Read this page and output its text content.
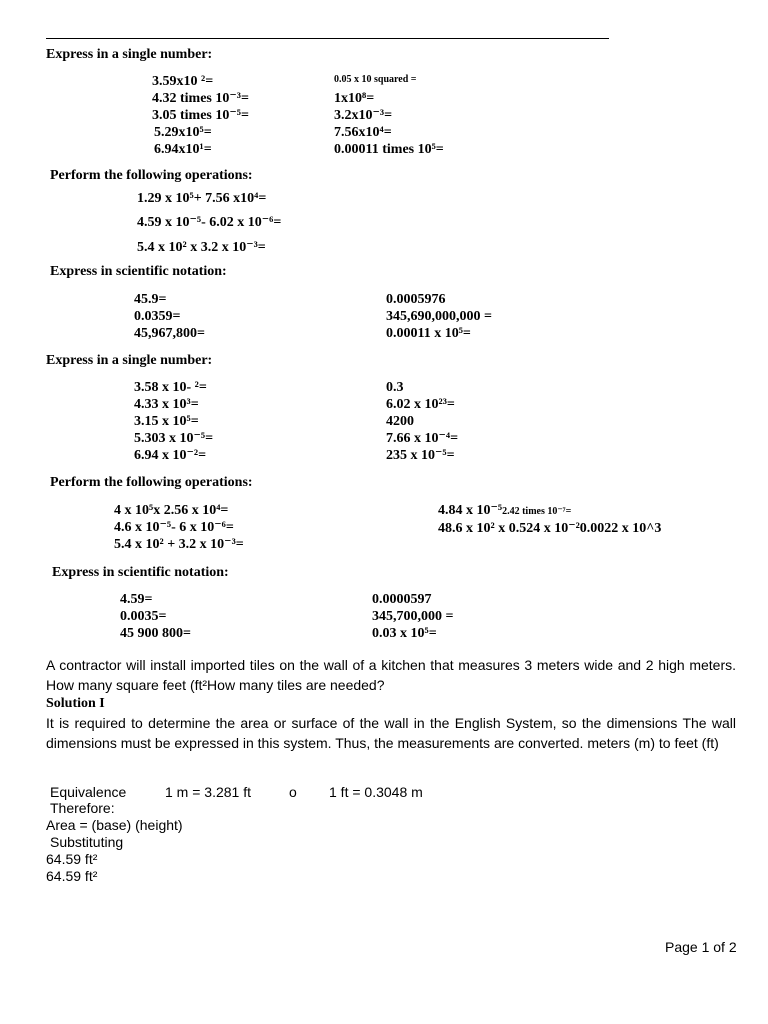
Express in a single number:
3.59x10 ²=
4.32 times 10⁻³=
3.05 times 10⁻⁵=
5.29x10⁵=
6.94x10¹=
0.05 x 10 squared =
1x10⁸=
3.2x10⁻³=
7.56x10⁴=
0.00011 times 10⁵=
Perform the following operations:
1.29 x 10⁵+ 7.56 x10⁴=
4.59 x 10⁻⁵- 6.02 x 10⁻⁶=
5.4 x 10² x 3.2 x 10⁻³=
Express in scientific notation:
45.9=
0.0359=
45,967,800=
0.0005976
345,690,000,000 =
0.00011 x 10⁵=
Express in a single number:
3.58 x 10- ²=
4.33 x 10³=
3.15 x 10⁵=
5.303 x 10⁻⁵=
6.94 x 10⁻²=
0.3
6.02 x 10²³=
4200
7.66 x 10⁻⁴=
235 x 10⁻⁵=
Perform the following operations:
4 x 10⁵x 2.56 x 10⁴=
4.6 x 10⁻⁵- 6 x 10⁻⁶=
5.4 x 10² + 3.2 x 10⁻³=
4.84 x 10⁻⁵2.42 times 10⁻⁷=
48.6 x 10² x 0.524 x 10⁻²0.0022 x 10^3
Express in scientific notation:
4.59=
0.0035=
45 900 800=
0.0000597
345,700,000 =
0.03 x 10⁵=
A contractor will install imported tiles on the wall of a kitchen that measures 3 meters wide and 2 high meters. How many square feet (ft²How many tiles are needed?
Solution I
It is required to determine the area or surface of the wall in the English System, so the dimensions The wall dimensions must be expressed in this system. Thus, the measurements are converted. meters (m) to feet (ft)
Equivalence	1 m = 3.281 ft	o 1 ft = 0.3048 m
Therefore:
Area = (base) (height)
Substituting
64.59 ft²
64.59 ft²
Page 1 of 2
